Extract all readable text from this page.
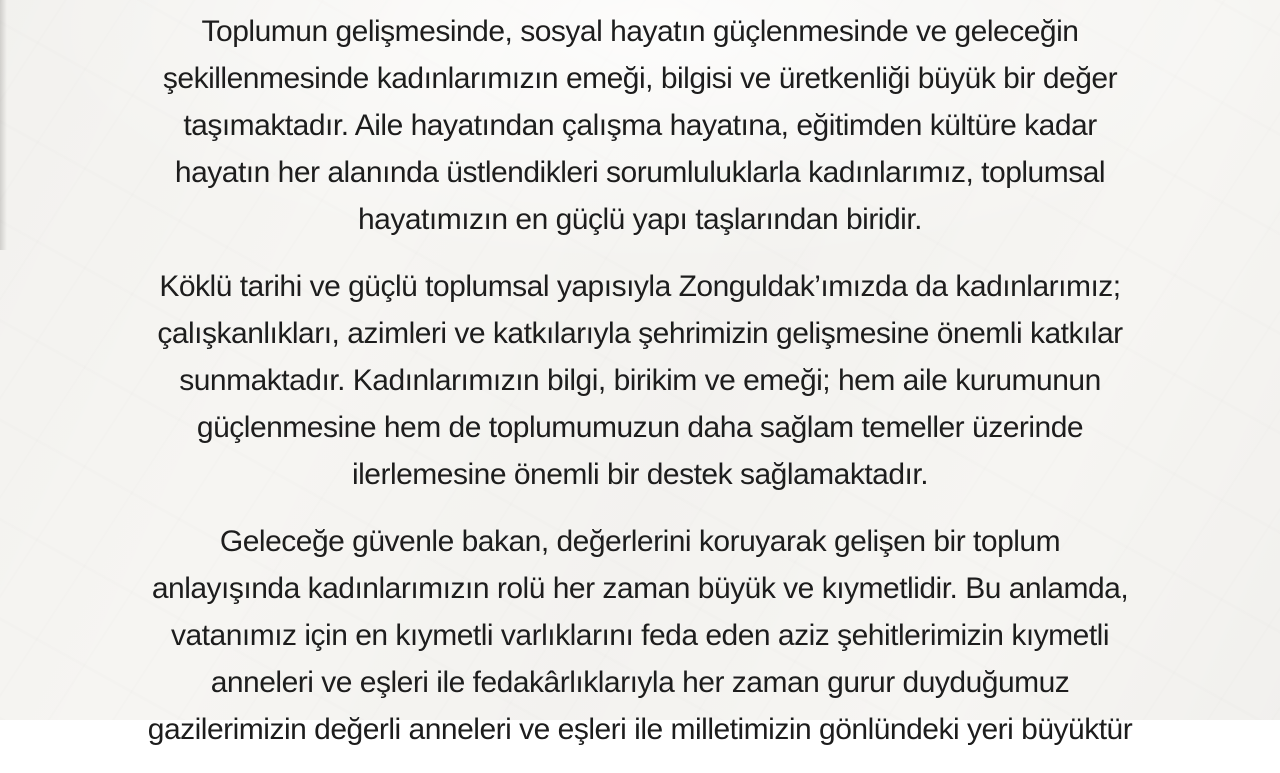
Toplumun gelişmesinde, sosyal hayatın güçlenmesinde ve geleceğin
şekillenmesinde kadınlarımızın emeği, bilgisi ve üretkenliği büyük bir değer
taşımaktadır. Aile hayatından çalışma hayatına, eğitimden kültüre kadar
hayatın her alanında üstlendikleri sorumluluklarla kadınlarımız, toplumsal
hayatımızın en güçlü yapı taşlarından biridir.
Köklü tarihi ve güçlü toplumsal yapısıyla Zonguldak’ımızda da kadınlarımız;
çalışkanlıkları, azimleri ve katkılarıyla şehrimizin gelişmesine önemli katkılar
sunmaktadır. Kadınlarımızın bilgi, birikim ve emeği; hem aile kurumunun
güçlenmesine hem de toplumumuzun daha sağlam temeller üzerinde
ilerlemesine önemli bir destek sağlamaktadır.
Geleceğe güvenle bakan, değerlerini koruyarak gelişen bir toplum
anlayışında kadınlarımızın rolü her zaman büyük ve kıymetlidir. Bu anlamda,
vatanımız için en kıymetli varlıklarını feda eden aziz şehitlerimizin kıymetli
anneleri ve eşleri ile fedakârlıklarıyla her zaman gurur duyduğumuz
gazilerimizin değerli anneleri ve eşleri ile milletimizin gönlündeki yeri büyüktür
